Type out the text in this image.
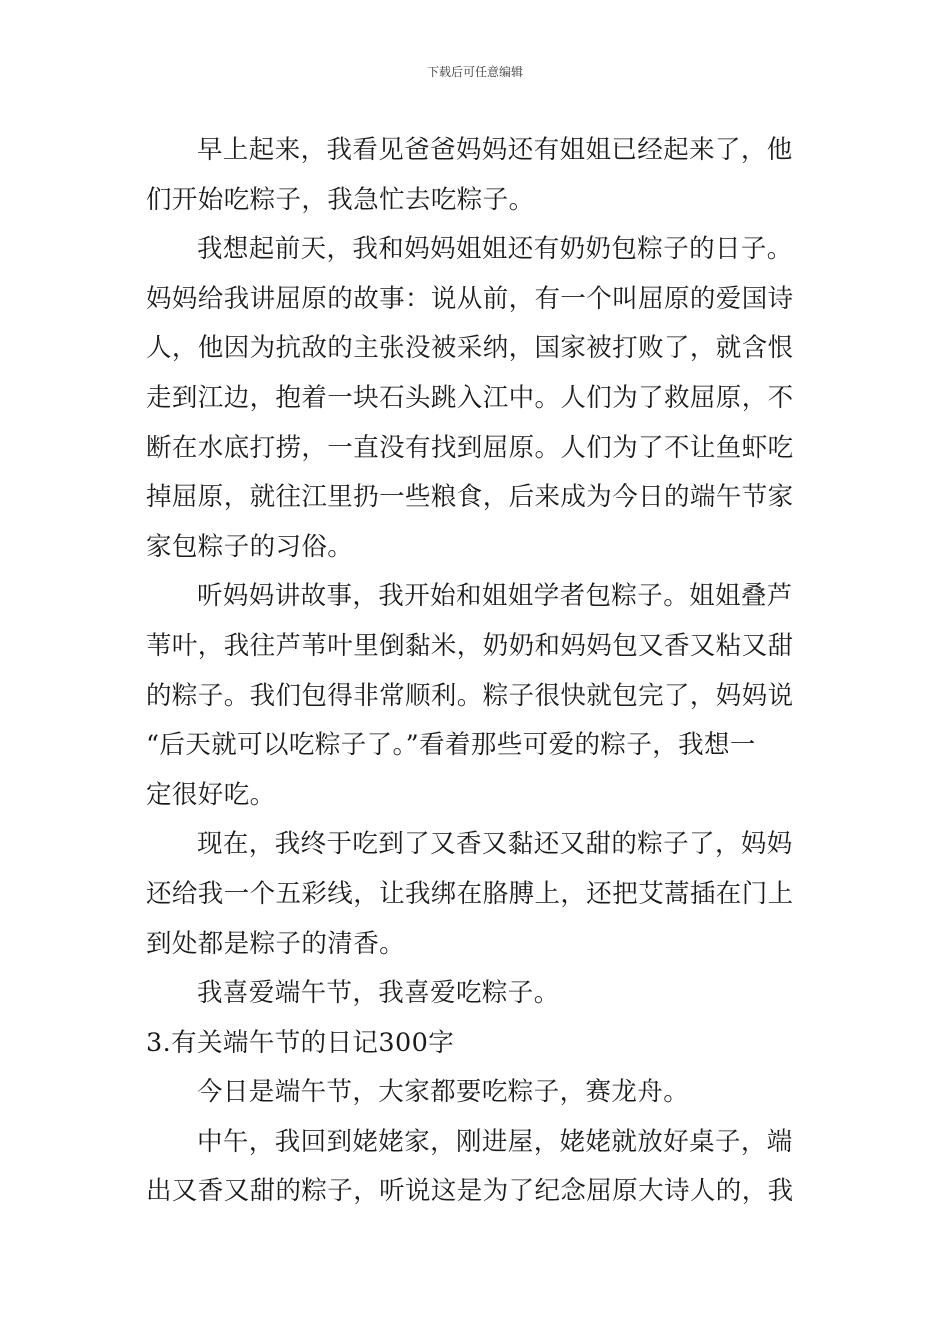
下载后可任意编辑
早上起来，我看见爸爸妈妈还有姐姐已经起来了，他
们开始吃粽子，我急忙去吃粽子。
我想起前天，我和妈妈姐姐还有奶奶包粽子的日子。
妈妈给我讲屈原的故事：说从前，有一个叫屈原的爱国诗
人，他因为抗敌的主张没被采纳，国家被打败了，就含恨
走到江边，抱着一块石头跳入江中。人们为了救屈原，不
断在水底打捞，一直没有找到屈原。人们为了不让鱼虾吃
掉屈原，就往江里扔一些粮食，后来成为今日的端午节家
家包粽子的习俗。
听妈妈讲故事，我开始和姐姐学者包粽子。姐姐叠芦
苇叶，我往芦苇叶里倒黏米，奶奶和妈妈包又香又粘又甜
的粽子。我们包得非常顺利。粽子很快就包完了，妈妈说
“后天就可以吃粽子了。”看着那些可爱的粽子，我想一
定很好吃。
现在，我终于吃到了又香又黏还又甜的粽子了，妈妈
还给我一个五彩线，让我绑在胳膊上，还把艾蒿插在门上
到处都是粽子的清香。
我喜爱端午节，我喜爱吃粽子。
3.有关端午节的日记300字
今日是端午节，大家都要吃粽子，赛龙舟。
中午，我回到姥姥家，刚进屋，姥姥就放好桌子，端
出又香又甜的粽子，听说这是为了纪念屈原大诗人的，我
